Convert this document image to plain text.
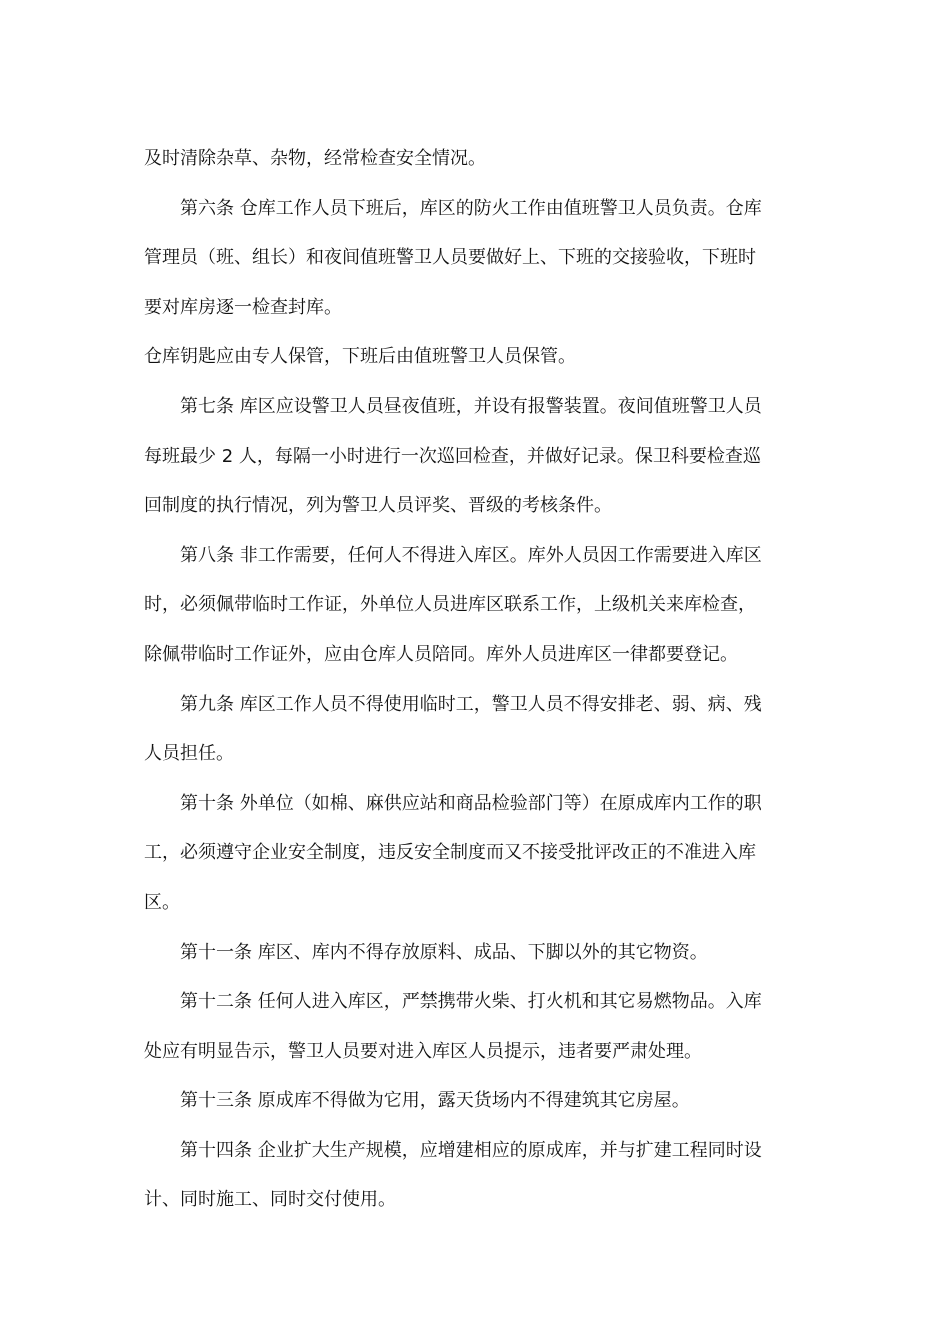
及时清除杂草、杂物，经常检查安全情况。
第六条 仓库工作人员下班后，库区的防火工作由值班警卫人员负责。仓库
管理员（班、组长）和夜间值班警卫人员要做好上、下班的交接验收，下班时
要对库房逐一检查封库。
仓库钥匙应由专人保管，下班后由值班警卫人员保管。
第七条 库区应设警卫人员昼夜值班，并设有报警装置。夜间值班警卫人员
每班最少 2 人，每隔一小时进行一次巡回检查，并做好记录。保卫科要检查巡
回制度的执行情况，列为警卫人员评奖、晋级的考核条件。
第八条 非工作需要，任何人不得进入库区。库外人员因工作需要进入库区
时，必须佩带临时工作证，外单位人员进库区联系工作，上级机关来库检查，
除佩带临时工作证外，应由仓库人员陪同。库外人员进库区一律都要登记。
第九条 库区工作人员不得使用临时工，警卫人员不得安排老、弱、病、残
人员担任。
第十条 外单位（如棉、麻供应站和商品检验部门等）在原成库内工作的职
工，必须遵守企业安全制度，违反安全制度而又不接受批评改正的不准进入库
区。
第十一条 库区、库内不得存放原料、成品、下脚以外的其它物资。
第十二条 任何人进入库区，严禁携带火柴、打火机和其它易燃物品。入库
处应有明显告示，警卫人员要对进入库区人员提示，违者要严肃处理。
第十三条 原成库不得做为它用，露天货场内不得建筑其它房屋。
第十四条 企业扩大生产规模，应增建相应的原成库，并与扩建工程同时设
计、同时施工、同时交付使用。
